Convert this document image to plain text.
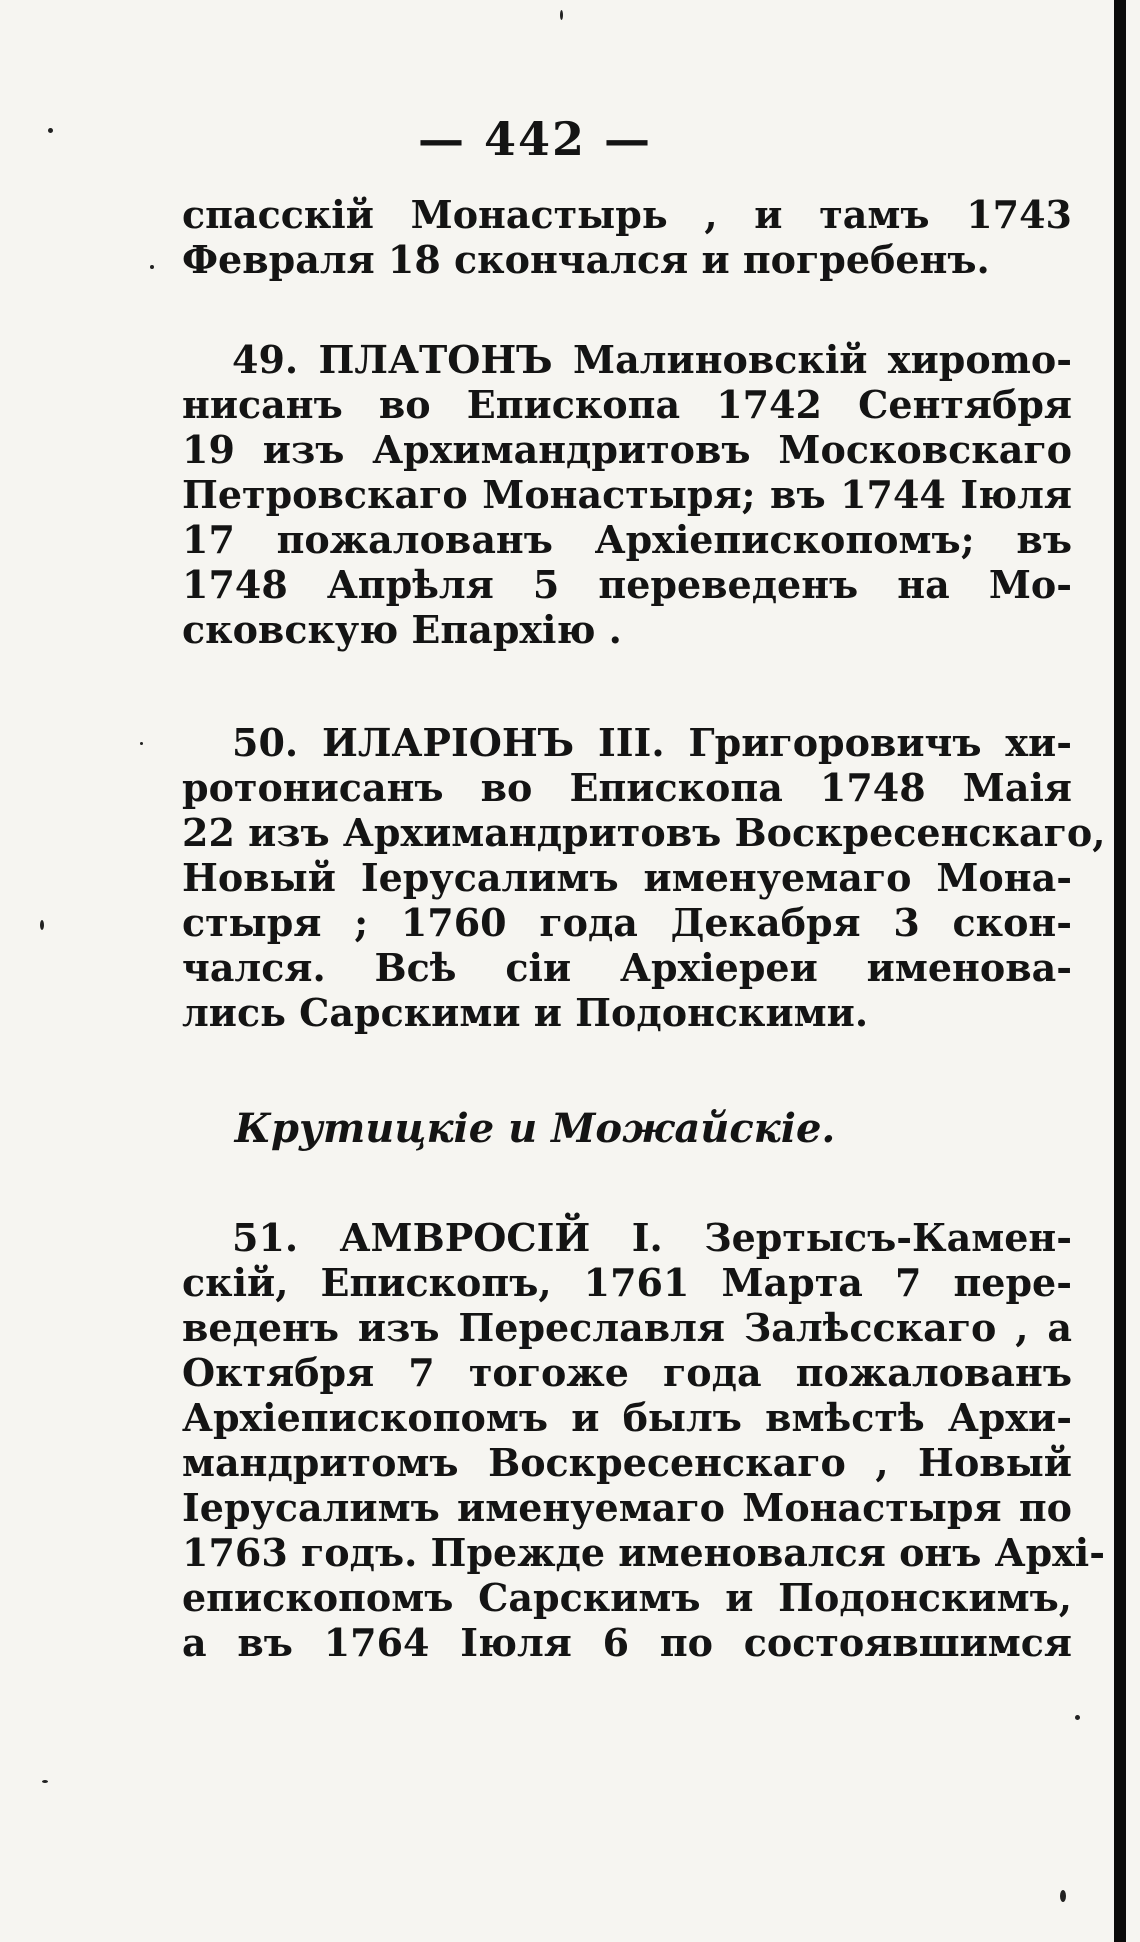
— 442 —
спасскій Монастырь , и тамъ 1743
Февраля 18 скончался и погребенъ.
49. ПЛАТОНЪ Малиновскій хироmo-
нисанъ во Епископа 1742 Сентября
19 изъ Архимандритовъ Московскаго
Петровскаго Монастыря; въ 1744 Іюля
17 пожалованъ Архіепископомъ; въ
1748 Апрѣля 5 переведенъ на Мо-
сковскую Епархію .
50. ИЛАРІОНЪ III. Григоровичъ хи-
ротонисанъ во Епископа 1748 Маія
22 изъ Архимандритовъ Воскресенскаго,
Новый Іерусалимъ именуемаго Мона-
стыря ; 1760 года Декабря 3 скон-
чался. Всѣ сіи Архіереи именова-
лись Сарскими и Подонскими.
Крутицкіе и Можайскіе.
51. АМВРОСІЙ I. Зертысъ-Камен-
скій, Епископъ, 1761 Марта 7 пере-
веденъ изъ Переславля Залѣсскаго , а
Октября 7 тогоже года пожалованъ
Архіепископомъ и былъ вмѣстѣ Архи-
мандритомъ Воскресенскаго , Новый
Іерусалимъ именуемаго Монастыря по
1763 годъ. Прежде именовался онъ Архі-
епископомъ Сарскимъ и Подонскимъ,
а въ 1764 Іюля 6 по состоявшимся
